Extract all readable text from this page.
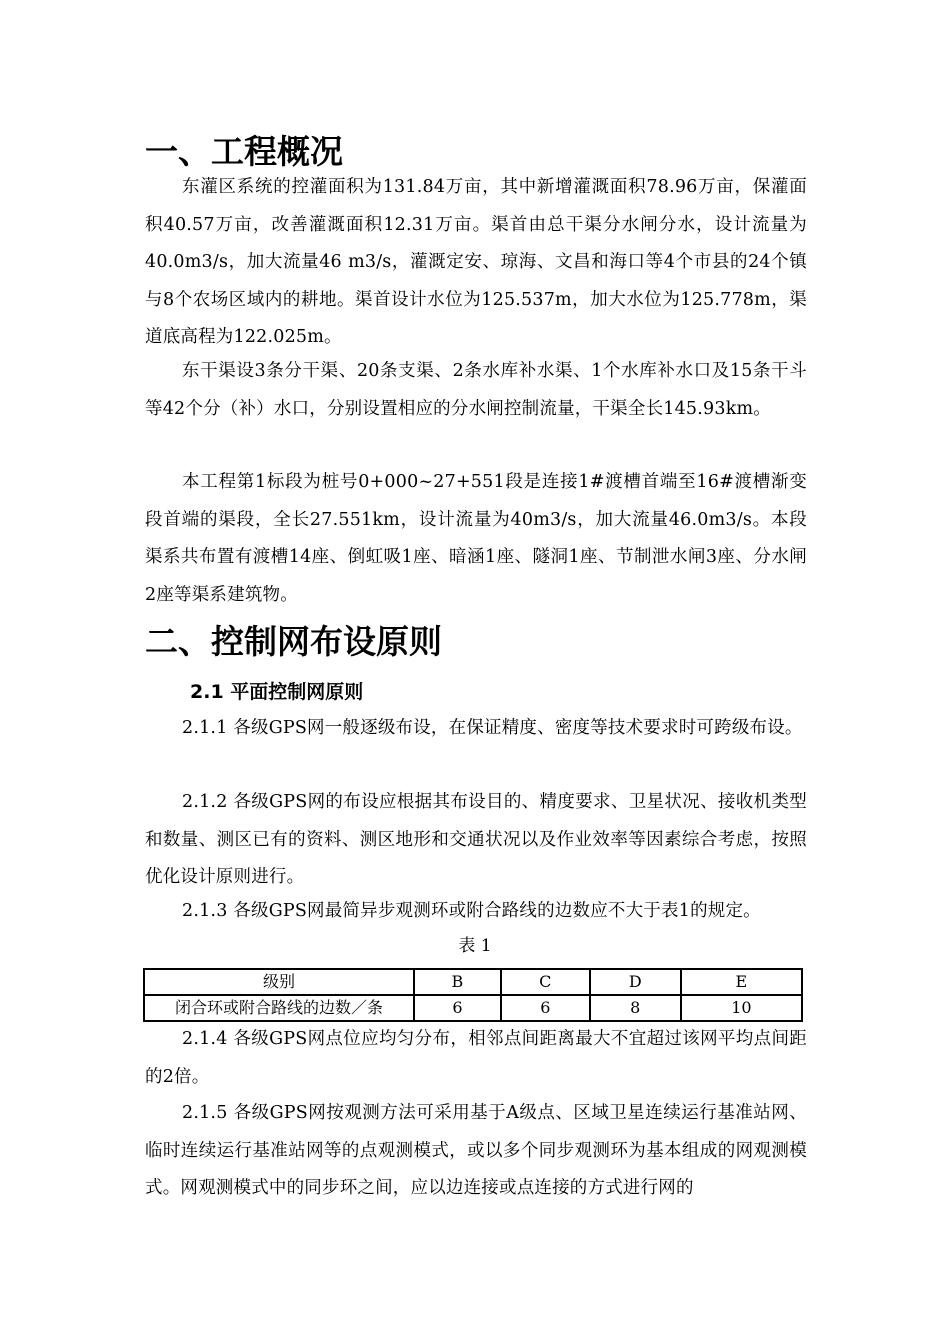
一、工程概况

东灌区系统的控灌面积为131.84万亩，其中新增灌溉面积78.96万亩，保灌面积40.57万亩，改善灌溉面积12.31万亩。渠首由总干渠分水闸分水，设计流量为40.0m3/s，加大流量46 m3/s，灌溉定安、琼海、文昌和海口等4个市县的24个镇与8个农场区域内的耕地。渠首设计水位为125.537m，加大水位为125.778m，渠道底高程为122.025m。

东干渠设3条分干渠、20条支渠、2条水库补水渠、1个水库补水口及15条干斗等42个分（补）水口，分别设置相应的分水闸控制流量，干渠全长145.93km。

本工程第1标段为桩号0+000~27+551段是连接1#渡槽首端至16#渡槽渐变段首端的渠段，全长27.551km，设计流量为40m3/s，加大流量46.0m3/s。本段渠系共布置有渡槽14座、倒虹吸1座、暗涵1座、隧洞1座、节制泄水闸3座、分水闸2座等渠系建筑物。

二、控制网布设原则
2.1 平面控制网原则

2.1.1 各级GPS网一般逐级布设，在保证精度、密度等技术要求时可跨级布设。

2.1.2 各级GPS网的布设应根据其布设目的、精度要求、卫星状况、接收机类型和数量、测区已有的资料、测区地形和交通状况以及作业效率等因素综合考虑，按照优化设计原则进行。

2.1.3 各级GPS网最简异步观测环或附合路线的边数应不大于表1的规定。

表 1
级别	B	C	D	E
闭合环或附合路线的边数／条	6	6	8	10

2.1.4 各级GPS网点位应均匀分布，相邻点间距离最大不宜超过该网平均点间距的2倍。

2.1.5 各级GPS网按观测方法可采用基于A级点、区域卫星连续运行基准站网、临时连续运行基准站网等的点观测模式，或以多个同步观测环为基本组成的网观测模式。网观测模式中的同步环之间，应以边连接或点连接的方式进行网的
